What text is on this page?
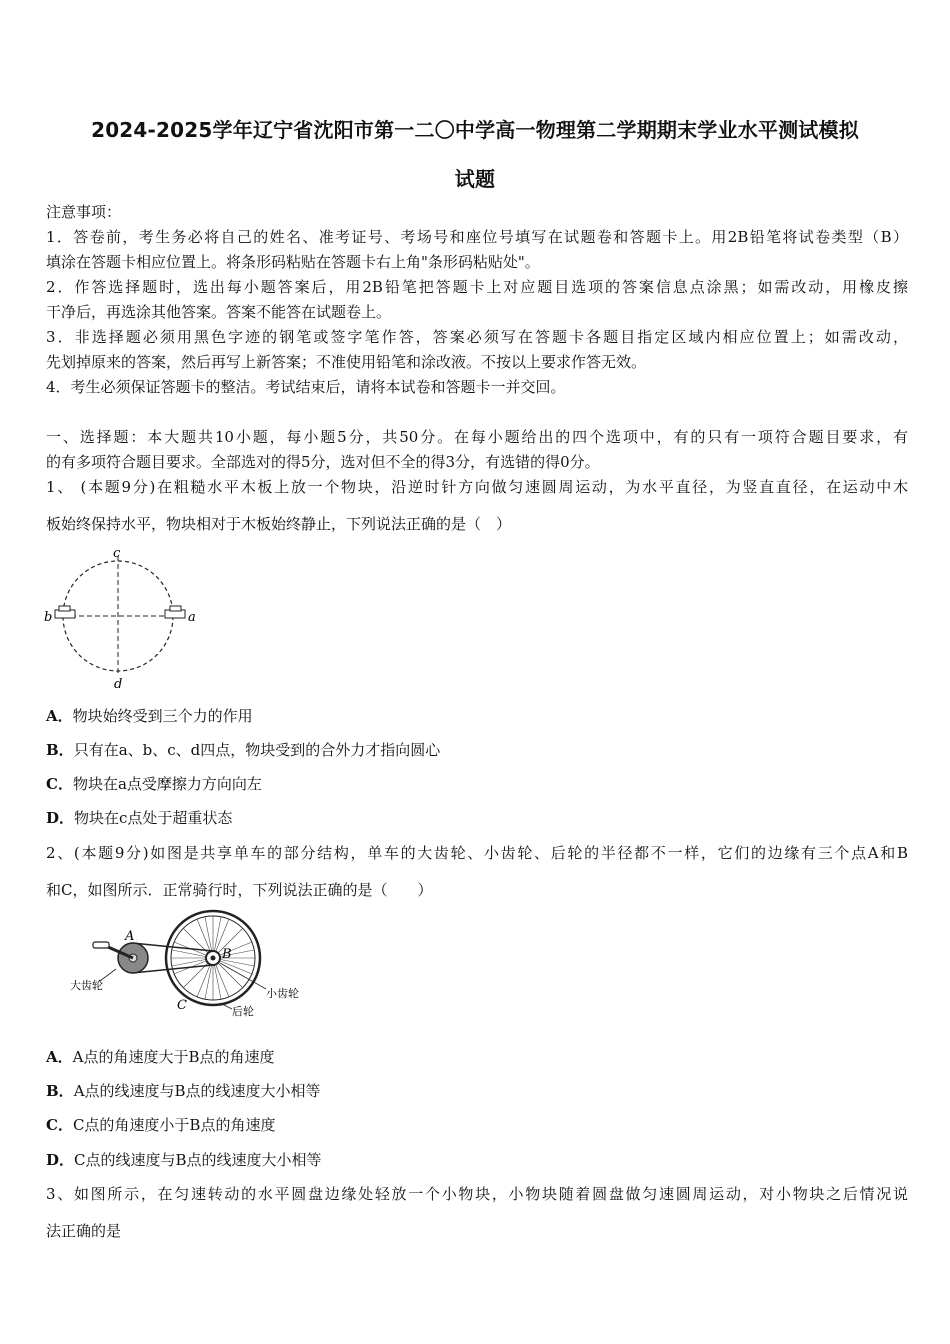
2024-2025学年辽宁省沈阳市第一二〇中学高一物理第二学期期末学业水平测试模拟
试题
注意事项：
1．答卷前，考生务必将自己的姓名、准考证号、考场号和座位号填写在试题卷和答题卡上。用2B铅笔将试卷类型（B）
填涂在答题卡相应位置上。将条形码粘贴在答题卡右上角"条形码粘贴处"。
2．作答选择题时，选出每小题答案后，用2B铅笔把答题卡上对应题目选项的答案信息点涂黑；如需改动，用橡皮擦
干净后，再选涂其他答案。答案不能答在试题卷上。
3．非选择题必须用黑色字迹的钢笔或签字笔作答，答案必须写在答题卡各题目指定区域内相应位置上；如需改动，
先划掉原来的答案，然后再写上新答案；不准使用铅笔和涂改液。不按以上要求作答无效。
4．考生必须保证答题卡的整洁。考试结束后，请将本试卷和答题卡一并交回。
一、选择题：本大题共10小题，每小题5分，共50分。在每小题给出的四个选项中，有的只有一项符合题目要求，有
的有多项符合题目要求。全部选对的得5分，选对但不全的得3分，有选错的得0分。
1、 (本题9分)在粗糙水平木板上放一个物块，沿逆时针方向做匀速圆周运动，为水平直径，为竖直直径，在运动中木
板始终保持水平，物块相对于木板始终静止，下列说法正确的是（　）
b	a
c
d
A．物块始终受到三个力的作用
B．只有在a、b、c、d四点，物块受到的合外力才指向圆心
C．物块在a点受摩擦力方向向左
D．物块在c点处于超重状态
2、(本题9分)如图是共享单车的部分结构，单车的大齿轮、小齿轮、后轮的半径都不一样，它们的边缘有三个点A和B
和C，如图所示．正常骑行时，下列说法正确的是（　　）
A
B
C
大齿轮
小齿轮
后轮
A．A点的角速度大于B点的角速度
B．A点的线速度与B点的线速度大小相等
C．C点的角速度小于B点的角速度
D．C点的线速度与B点的线速度大小相等
3、如图所示，在匀速转动的水平圆盘边缘处轻放一个小物块，小物块随着圆盘做匀速圆周运动，对小物块之后情况说
法正确的是
